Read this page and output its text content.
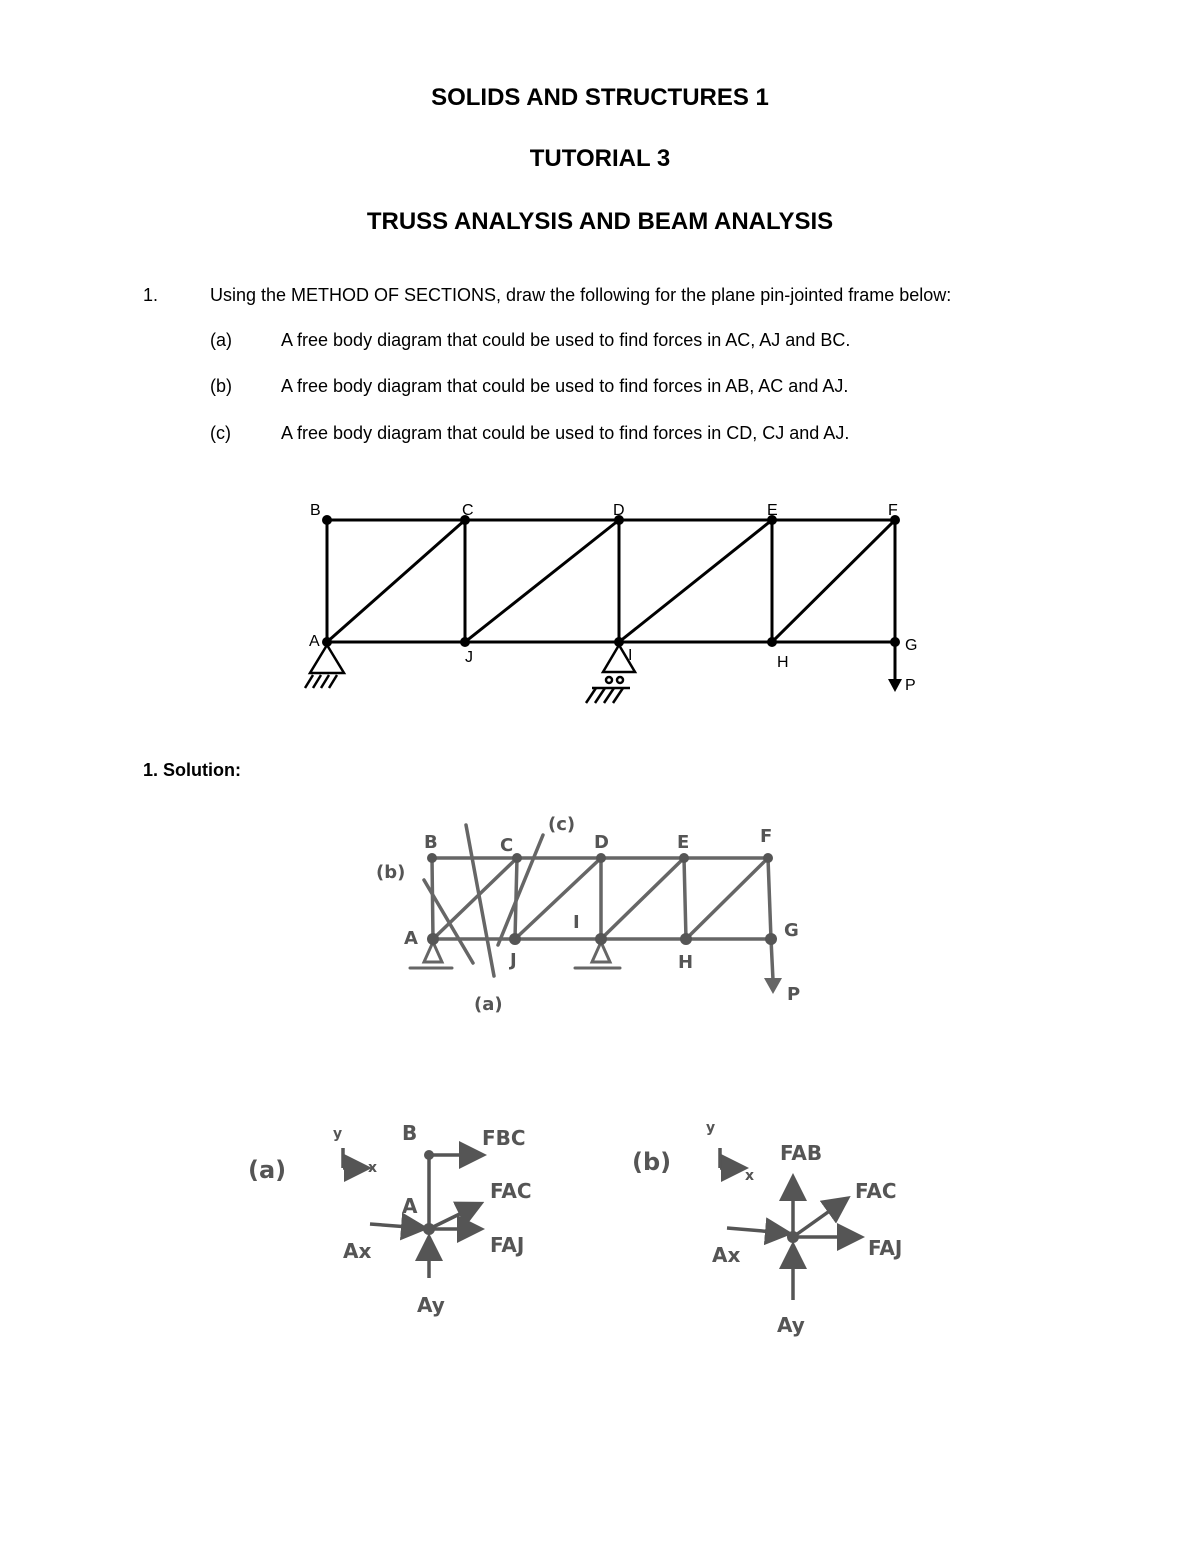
SOLIDS AND STRUCTURES 1
TUTORIAL 3
TRUSS ANALYSIS AND BEAM ANALYSIS
1.	Using the METHOD OF SECTIONS, draw the following for the plane pin-jointed frame below:
(a)	A free body diagram that could be used to find forces in AC, AJ and BC.
(b)	A free body diagram that could be used to find forces in AB, AC and AJ.
(c)	A free body diagram that could be used to find forces in CD, CJ and AJ.
B	C	D	E	F
A	G
H
I
J
P
B	C	D	E	F
A
I
J	H
G
P
(a)
(b)
(c)
(a)
y
x
B
A
FBC
FAC
FAJ
Ax
Ay
(b)
y
x
FAB
FAC
FAJ
Ax
Ay
1. Solution:
